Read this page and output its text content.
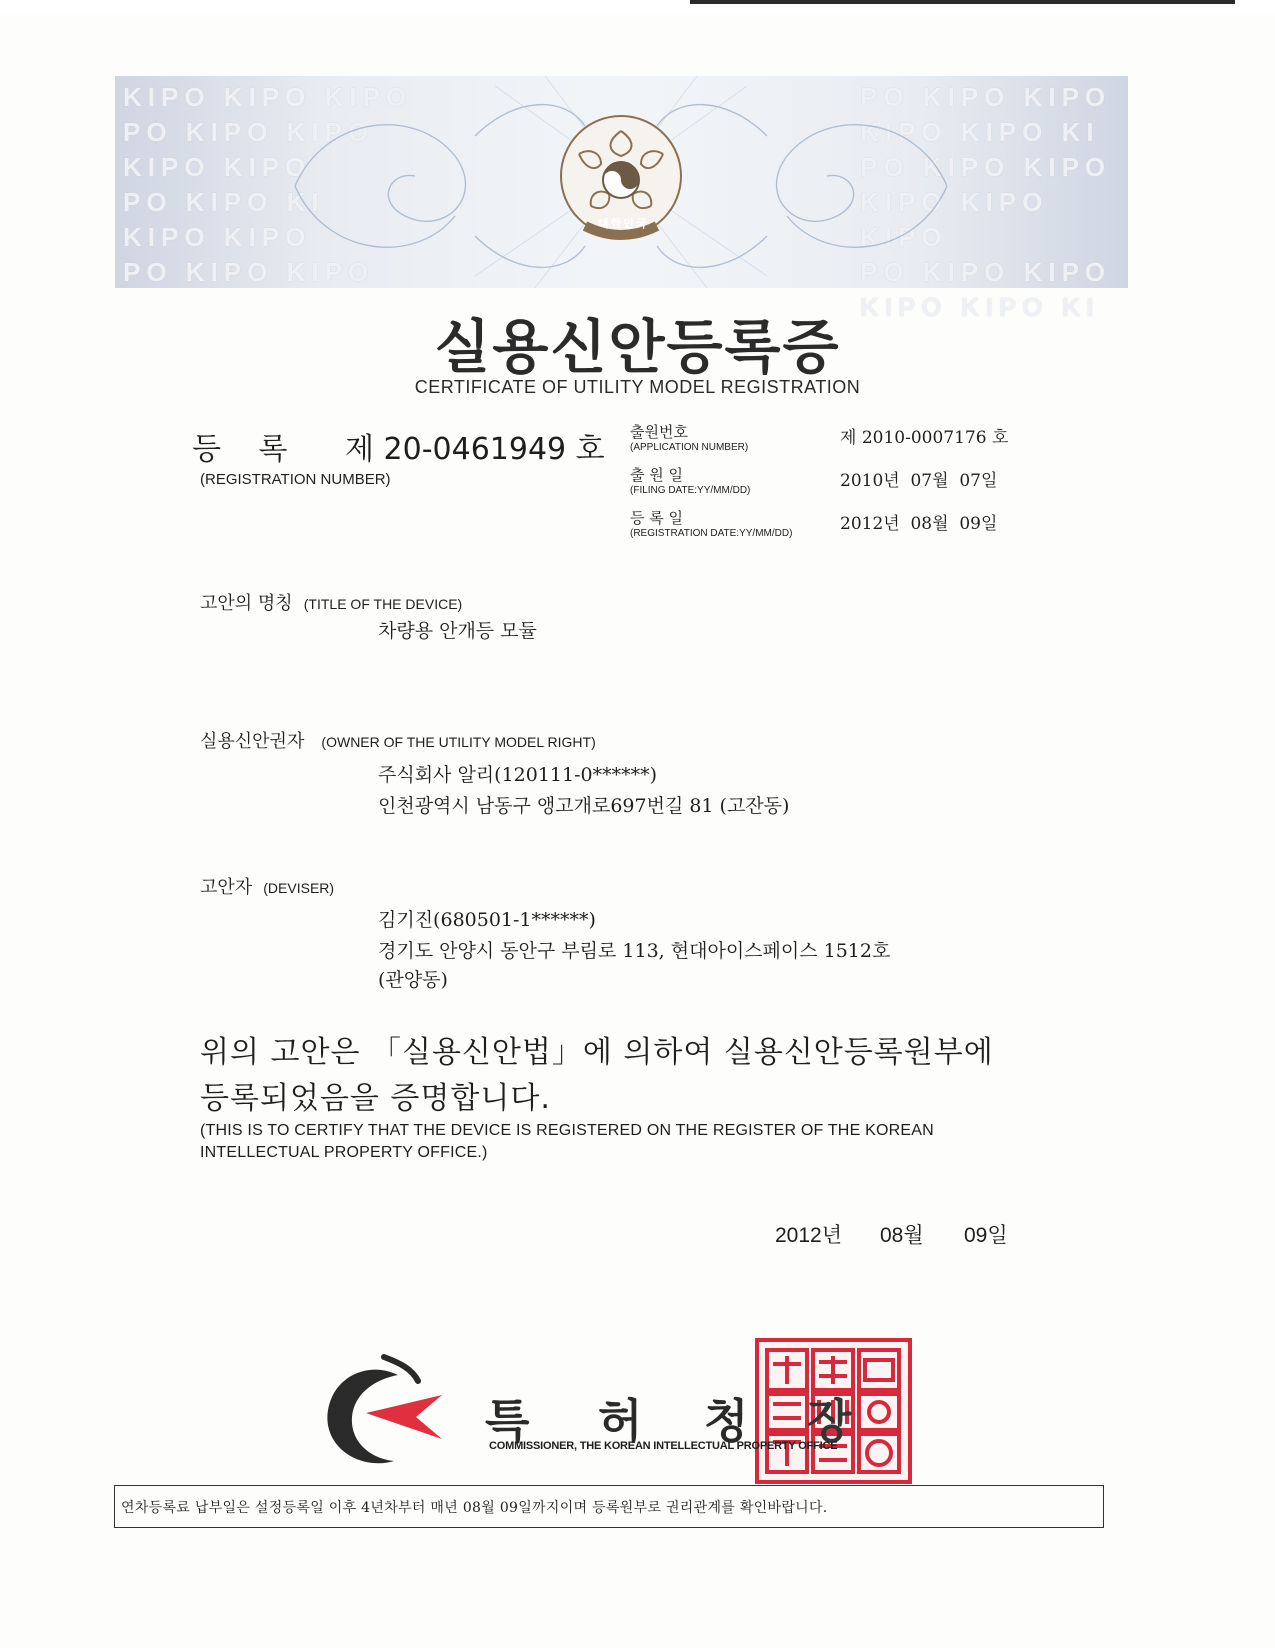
KIPO KIPO KIPO
PO KIPO KIPO
KIPO KIPO
PO KIPO KI
KIPO KIPO
PO KIPO KIPO
PO KIPO KIPO
KIPO KIPO KI
PO KIPO KIPO
KIPO KIPO KIPO
PO KIPO KIPO
KIPO KIPO KI
대한민국
실용신안등록증
CERTIFICATE OF UTILITY MODEL REGISTRATION
등 록 제 20-0461949 호
(REGISTRATION NUMBER)
출원번호
(APPLICATION NUMBER)	제 2010-0007176 호
출 원 일
(FILING DATE:YY/MM/DD)	2010년  07월  07일
등 록 일
(REGISTRATION DATE:YY/MM/DD)	2012년  08월  09일
고안의 명칭 (TITLE OF THE DEVICE)
차량용 안개등 모듈
실용신안권자 (OWNER OF THE UTILITY MODEL RIGHT)
주식회사 알리(120111-0******)
인천광역시 남동구 앵고개로697번길 81 (고잔동)
고안자 (DEVISER)
김기진(680501-1******)
경기도 안양시 동안구 부림로 113, 현대아이스페이스 1512호
(관양동)
위의 고안은 「실용신안법」에 의하여 실용신안등록원부에
등록되었음을 증명합니다.
(THIS IS TO CERTIFY THAT THE DEVICE IS REGISTERED ON THE REGISTER OF THE KOREAN
INTELLECTUAL PROPERTY OFFICE.)
2012년 08월 09일
특 허 청 장
COMMISSIONER, THE KOREAN INTELLECTUAL PROPERTY OFFICE
연차등록료 납부일은 설정등록일 이후 4년차부터 매년 08월 09일까지이며 등록원부로 권리관계를 확인바랍니다.
